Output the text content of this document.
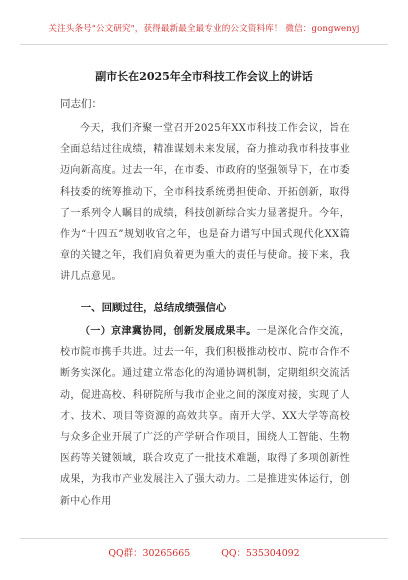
关注头条号"公文研究"，获得最新最全最专业的公文资料库！ 微信：gongwenyj
副市长在2025年全市科技工作会议上的讲话
同志们：

今天，我们齐聚一堂召开2025年XX市科技工作会议，旨在全面总结过往成绩，精准谋划未来发展，奋力推动我市科技事业迈向新高度。过去一年，在市委、市政府的坚强领导下，在市委科技委的统筹推动下，全市科技系统勇担使命、开拓创新，取得了一系列令人瞩目的成绩，科技创新综合实力显著提升。今年，作为“十四五”规划收官之年，也是奋力谱写中国式现代化XX篇章的关键之年，我们肩负着更为重大的责任与使命。接下来，我讲几点意见。

一、回顾过往，总结成绩强信心

（一）京津冀协同，创新发展成果丰。一是深化合作交流，校市院市携手共进。过去一年，我们积极推动校市、院市合作不断务实深化。通过建立常态化的沟通协调机制，定期组织交流活动，促进高校、科研院所与我市企业之间的深度对接，实现了人才、技术、项目等资源的高效共享。南开大学、XX大学等高校与众多企业开展了广泛的产学研合作项目，围绕人工智能、生物医药等关键领域，联合攻克了一批技术难题，取得了多项创新性成果，为我市产业发展注入了强大动力。二是推进实体运行，创新中心作用

QQ群：30265665	QQ：535304092
